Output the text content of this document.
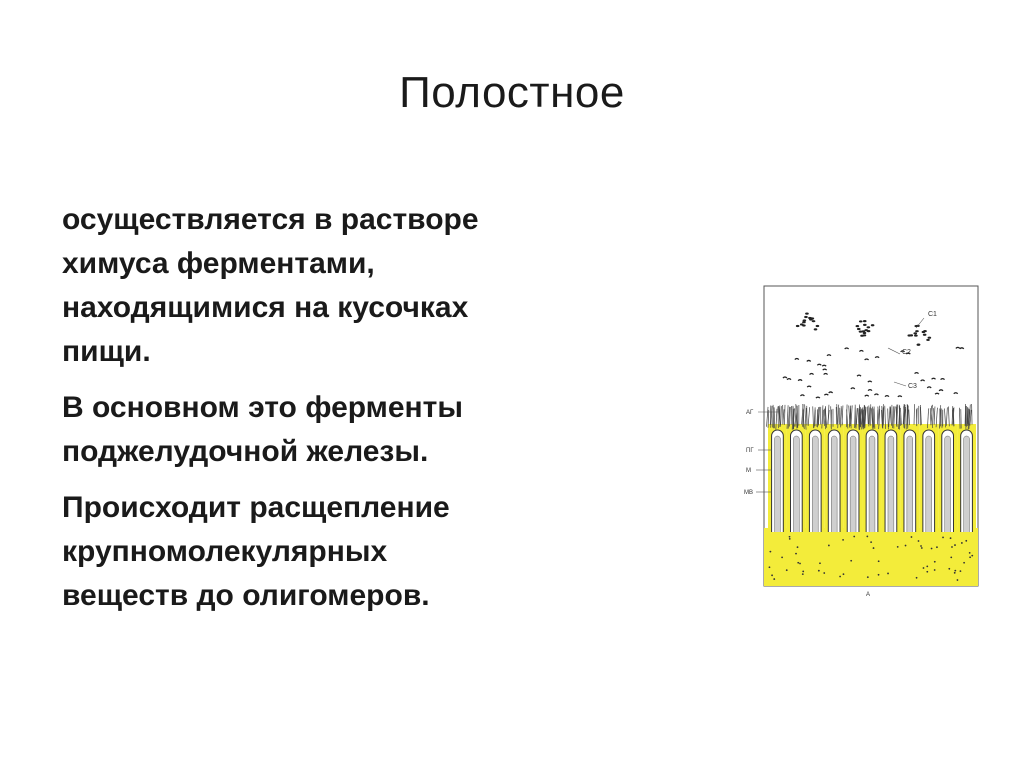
Полостное

осуществляется в растворе
химуса ферментами,
находящимися на кусочках
пищи.

В основном это ферменты
поджелудочной железы.

Происходит расщепление
крупномолекулярных
веществ до олигомеров.

С1
С2
С3
АГ
ПГ
М
МВ
А
